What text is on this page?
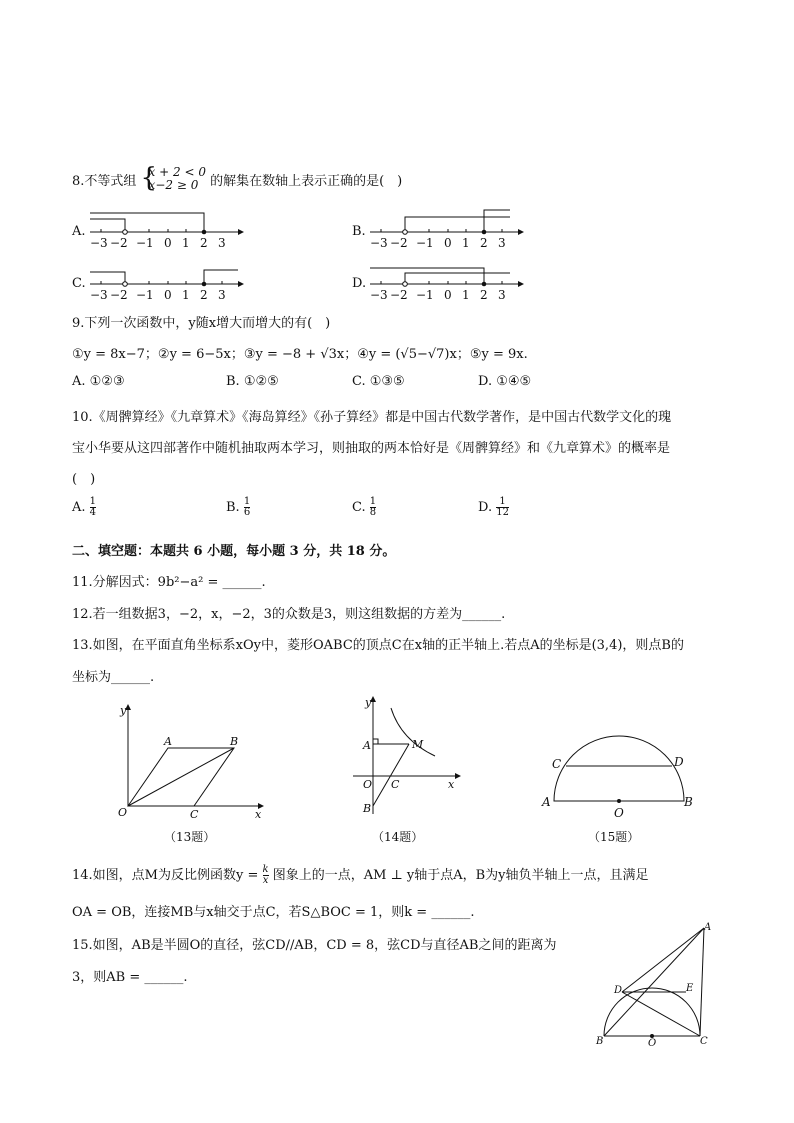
8.不等式组 {
x + 2 < 0
x−2 ≥ 0 的解集在数轴上表示正确的是(　)
A.
−3 −2 −1 0 1 2 3
B.
−3 −2 −1 0 1 2 3
C.
−3 −2 −1 0 1 2 3
D.
−3 −2 −1 0 1 2 3
9.下列一次函数中，y随x增大而增大的有(　)
①y = 8x−7；②y = 6−5x；③y = −8 + √3x；④y = (√5−√7)x；⑤y = 9x.
A. ①②③	B. ①②⑤	C. ①③⑤	D. ①④⑤
10.《周髀算经》《九章算术》《海岛算经》《孙子算经》都是中国古代数学著作，是中国古代数学文化的瑰
宝小华要从这四部著作中随机抽取两本学习，则抽取的两本恰好是《周髀算经》和《九章算术》的概率是
(　)
A. $\frac{1}{4}$	B. $\frac{1}{6}$	C. $\frac{1}{8}$	D. $\frac{1}{12}$
二、填空题：本题共 6 小题，每小题 3 分，共 18 分。
11.分解因式：9b²−a² = ______.
12.若一组数据3，−2，x，−2，3的众数是3，则这组数据的方差为______.
13.如图，在平面直角坐标系xOy中，菱形OABC的顶点C在x轴的正半轴上.若点A的坐标是(3,4)，则点B的
坐标为______.
y
A	B
O	C	x
（13题）
y
A	M
O C	x
B
（14题）
C	D
A
O
B
（15题）
14.如图，点M为反比例函数$y = \frac{k}{x}$ 图象上的一点，AM ⊥ y轴于点A，B为y轴负半轴上一点，且满足
OA = OB，连接MB与x轴交于点C，若S△BOC = 1，则k = ______.
15.如图，AB是半圆O的直径，弦CD//AB，CD = 8，弦CD与直径AB之间的距离为
3，则AB = ______.
A
D	E
B	O	C
